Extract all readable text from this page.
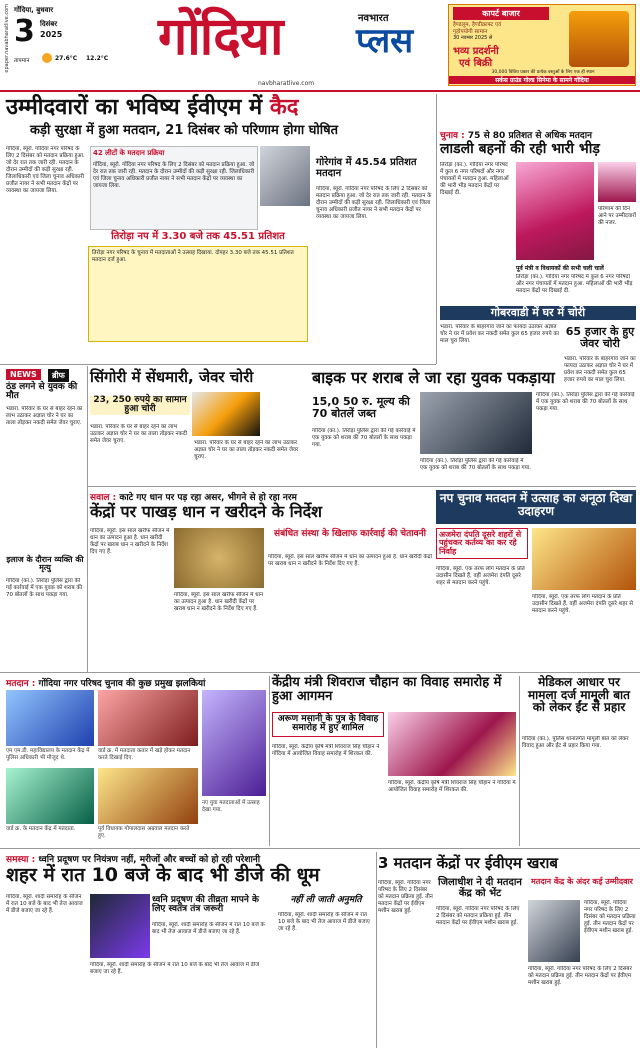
epaper.navabharatlive.com गोंदिया, बुधवार
3 दिसंबर
2025
तापमान	27.6°C 12.2°C गोंदिया	नवभारत
प्लस
navbharatlive.com
कापर्ट बाजार
हैण्डलूम, हैण्डीक्राफ्ट एवं
गृहोपयोगी सामान
30 नवम्बर 2025 से
भव्य प्रदर्शनी
एवं बिक्री
30,000 विविध प्रकार की प्रत्येक वस्तुओं के लिए एक ही स्थान
सर्कस ग्राउंड गोल्ड सिनेमा के सामने गोंदिया
उम्मीदवारों का भविष्य ईवीएम में कैद
कड़ी सुरक्षा में हुआ मतदान, 21 दिसंबर को परिणाम होगा घोषित
गोंदिया, ब्यूरो. गोंदिया नगर परिषद के लिए 2 दिसंबर को मतदान प्रक्रिया हुआ. जो देर रात तक जारी रही. मतदान के दौरान उम्मीदों की कड़ी सुरक्षा रही. जिलाधिकारी एवं जिला चुनाव अधिकारी प्रजीत नायर ने सभी मतदान केंद्रों पर व्यवस्था का जायजा लिया.
42 लीटों के मतदान प्रक्रिया
गोंदिया, ब्यूरो. गोंदिया नगर परिषद के लिए 2 दिसंबर को मतदान प्रक्रिया हुआ. जो देर रात तक जारी रही. मतदान के दौरान उम्मीदों की कड़ी सुरक्षा रही. जिलाधिकारी एवं जिला चुनाव अधिकारी प्रजीत नायर ने सभी मतदान केंद्रों पर व्यवस्था का जायजा लिया.
गोरेगांव में 45.54 प्रतिशत मतदान
गोंदिया, ब्यूरो. गोंदिया नगर परिषद के लिए 2 दिसंबर को मतदान प्रक्रिया हुआ. जो देर रात तक जारी रही. मतदान के दौरान उम्मीदों की कड़ी सुरक्षा रही. जिलाधिकारी एवं जिला चुनाव अधिकारी प्रजीत नायर ने सभी मतदान केंद्रों पर व्यवस्था का जायजा लिया.
तिरोड़ा नप में 3.30 बजे तक 45.51 प्रतिशत
तिरोड़ा नगर परिषद के चुनाव में मतदाताओं ने उत्साह दिखाया. दोपहर 3.30 बजे तक 45.51 प्रतिशत मतदान दर्ज हुआ.
चुनाव : 75 से 80 प्रतिशत से अधिक मतदान
लाडली बहनों की रही भारी भीड़
तिरोड़ा (का.). गोंदिया नगर परिषद में कुल 6 नगर परिषदों और नगर पंचायतों में मतदान हुआ. महिलाओं की भारी भीड़ मतदान केंद्रों पर दिखाई दी.
परिणाम की दिन आने पर उम्मीदवारों की नजर.
पूर्व मंत्री व विधायकों की सभी चली चालें
तिरोड़ा (का.). गोंदिया नगर परिषद में कुल 6 नगर परिषदों और नगर पंचायतों में मतदान हुआ. महिलाओं की भारी भीड़ मतदान केंद्रों पर दिखाई दी.
गोबरवाडी में घर में चोरी
भंडारा. परिवार के बाहरगांव जाने का फायदा उठाकर अज्ञात चोर ने घर में प्रवेश कर नकदी समेत कुल 65 हजार रुपये का माल चुरा लिया.
65 हजार के हुए जेवर चोरी
भंडारा. परिवार के बाहरगांव जाने का फायदा उठाकर अज्ञात चोर ने घर में प्रवेश कर नकदी समेत कुल 65 हजार रुपये का माल चुरा लिया.
NEWS	ब्रीफ
ठंड लगने से युवक की मौत
भंडारा. परिवार के घर से बाहर रहने का लाभ उठाकर अज्ञात चोर ने घर का ताला तोड़कर नकदी समेत जेवर चुराए.
इलाज के दौरान व्यक्ति की मृत्यु
गोंदिया (का.). तिरोड़ा पुलिस द्वारा की गई कार्रवाई में एक युवक को शराब की 70 बोतलों के साथ पकड़ा गया.
सिंगोरी में सेंधमारी, जेवर चोरी
23, 250 रुपये का सामान हुआ चोरी
भंडारा. परिवार के घर से बाहर रहने का लाभ उठाकर अज्ञात चोर ने घर का ताला तोड़कर नकदी समेत जेवर चुराए.	भंडारा. परिवार के घर से बाहर रहने का लाभ उठाकर अज्ञात चोर ने घर का ताला तोड़कर नकदी समेत जेवर चुराए.
बाइक पर शराब ले जा रहा युवक पकड़ाया
15,0 50 रु. मूल्य की 70 बोतलें जब्त
गोंदिया (का.). तिरोड़ा पुलिस द्वारा की गई कार्रवाई में एक युवक को शराब की 70 बोतलों के साथ पकड़ा गया.
गोंदिया (का.). तिरोड़ा पुलिस द्वारा की गई कार्रवाई में एक युवक को शराब की 70 बोतलों के साथ पकड़ा गया.
गोंदिया (का.). तिरोड़ा पुलिस द्वारा की गई कार्रवाई में एक युवक को शराब की 70 बोतलों के साथ पकड़ा गया.
सवाल : काटे गए धान पर पड़ रहा असर, भीगने से हो रहा नरम
केंद्रों पर पाखड़ धान न खरीदने के निर्देश
गोंदिया, ब्यूरो. इस साल खरीफ सीजन में धान का उत्पादन हुआ है. धान खरीदी केंद्रों पर खराब धान न खरीदने के निर्देश दिए गए हैं.
संबंधित संस्था के खिलाफ कार्रवाई की चेतावनी
गोंदिया, ब्यूरो. इस साल खरीफ सीजन में धान का उत्पादन हुआ है. धान खरीदी केंद्रों पर खराब धान न खरीदने के निर्देश दिए गए हैं.
गोंदिया, ब्यूरो. इस साल खरीफ सीजन में धान का उत्पादन हुआ है. धान खरीदी केंद्रों पर खराब धान न खरीदने के निर्देश दिए गए हैं.
नप चुनाव मतदान में उत्साह का अनूठा दिखा उदाहरण
अजमेरा दंपति दूसरे शहरों से पहुंचकर कर्तव्य का कर रहे निर्वाह
गोंदिया, ब्यूरो. एक तरफ लोग मतदान के प्रति उदासीन दिखते हैं, वहीं अजमेरा दंपति दूसरे शहर से मतदान करने पहुंचे.
गोंदिया, ब्यूरो. एक तरफ लोग मतदान के प्रति उदासीन दिखते हैं, वहीं अजमेरा दंपति दूसरे शहर से मतदान करने पहुंचे.
मतदान : गोंदिया नगर परिषद चुनाव की कुछ प्रमुख झलकियां
एम एम.डी. महाविद्यालय के मतदान केंद्र में पुलिस अधिकारी भी मौजूद थे.
वार्ड क्र. में मतदाता कतार में खड़े होकर मतदान करते दिखाई दिए.
वार्ड क्र. के मतदान केंद्र में मतदाता.	पूर्व विधायक गोपालदास अग्रवाल मतदान करते हुए.
नए युवा मतदाताओं में उत्साह देखा गया.
केंद्रीय मंत्री शिवराज चौहान का विवाह समारोह में हुआ आगमन
अरूण मसानी के पुत्र के विवाह समारोह में हुए शामिल
गोंदिया, ब्यूरो. केंद्रीय कृषि मंत्री शिवराज सिंह चौहान ने गोंदिया में आयोजित विवाह समारोह में शिरकत की.
गोंदिया, ब्यूरो. केंद्रीय कृषि मंत्री शिवराज सिंह चौहान ने गोंदिया में आयोजित विवाह समारोह में शिरकत की.
मेडिकल आधार पर मामला दर्ज मामूली बात को लेकर ईंट से प्रहार
गोंदिया (का.). पुलिस थानांतर्गत मामूली बात को लेकर विवाद हुआ और ईंट से प्रहार किया गया.
समस्या : ध्वनि प्रदूषण पर नियंत्रण नहीं, मरीजों और बच्चों को हो रही परेशानी
शहर में रात 10 बजे के बाद भी डीजे की धूम
गोंदिया, ब्यूरो. शादी समारोह के सीजन में रात 10 बजे के बाद भी तेज आवाज में डीजे बजाए जा रहे हैं.
ध्वनि प्रदूषण की तीव्रता मापने के लिए स्वतंत्र तंत्र जरूरी
गोंदिया, ब्यूरो. शादी समारोह के सीजन में रात 10 बजे के बाद भी तेज आवाज में डीजे बजाए जा रहे हैं.
गोंदिया, ब्यूरो. शादी समारोह के सीजन में रात 10 बजे के बाद भी तेज आवाज में डीजे बजाए जा रहे हैं.
नहीं ली जाती अनुमति
गोंदिया, ब्यूरो. शादी समारोह के सीजन में रात 10 बजे के बाद भी तेज आवाज में डीजे बजाए जा रहे हैं.
3 मतदान केंद्रों पर ईवीएम खराब
जिलाधीश ने दी मतदान केंद्र को भेंट
गोंदिया, ब्यूरो. गोंदिया नगर परिषद के लिए 2 दिसंबर को मतदान प्रक्रिया हुई. तीन मतदान केंद्रों पर ईवीएम मशीन खराब हुई.	गोंदिया, ब्यूरो. गोंदिया नगर परिषद के लिए 2 दिसंबर को मतदान प्रक्रिया हुई. तीन मतदान केंद्रों पर ईवीएम मशीन खराब हुई.
मतदान केंद्र के अंदर कई उम्मीदवार
गोंदिया, ब्यूरो. गोंदिया नगर परिषद के लिए 2 दिसंबर को मतदान प्रक्रिया हुई. तीन मतदान केंद्रों पर ईवीएम मशीन खराब हुई.
गोंदिया, ब्यूरो. गोंदिया नगर परिषद के लिए 2 दिसंबर को मतदान प्रक्रिया हुई. तीन मतदान केंद्रों पर ईवीएम मशीन खराब हुई.
